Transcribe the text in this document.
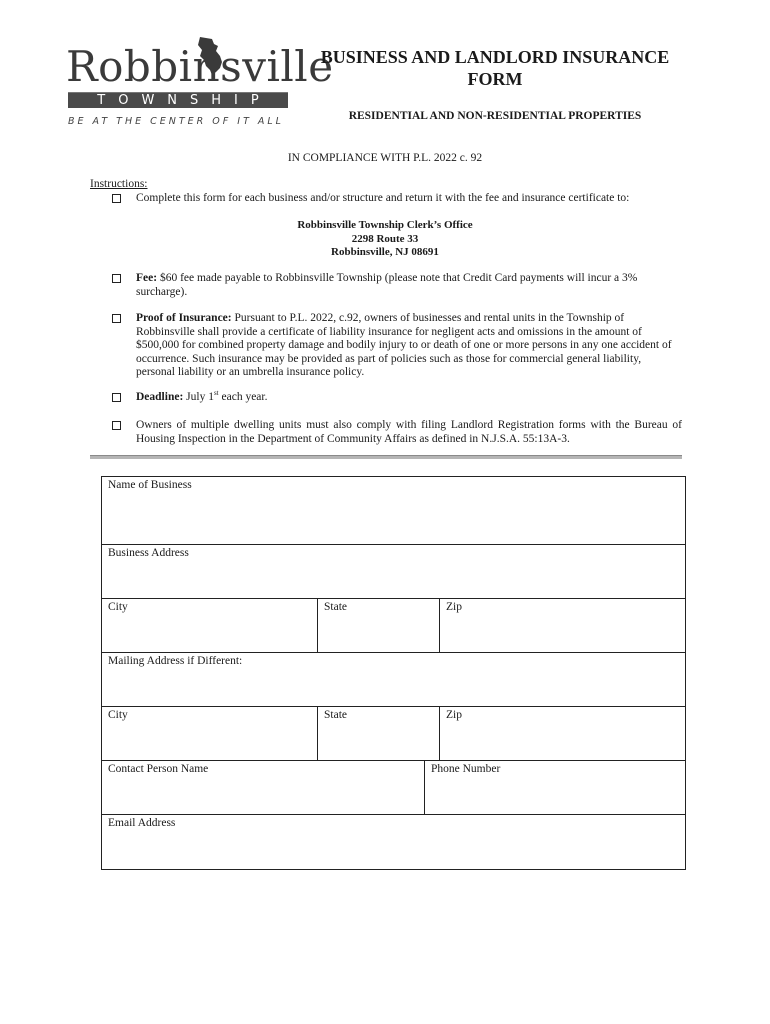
Robbinsville
TOWNSHIP
BE AT THE CENTER OF IT ALL
BUSINESS AND LANDLORD INSURANCE
FORM
RESIDENTIAL AND NON-RESIDENTIAL PROPERTIES
IN COMPLIANCE WITH P.L. 2022 c. 92
Instructions:
Complete this form for each business and/or structure and return it with the fee and insurance certificate to:
Robbinsville Township Clerk’s Office
2298 Route 33
Robbinsville, NJ 08691
Fee: $60 fee made payable to Robbinsville Township (please note that Credit Card payments will incur a 3% surcharge).
Proof of Insurance: Pursuant to P.L. 2022, c.92, owners of businesses and rental units in the Township of Robbinsville shall provide a certificate of liability insurance for negligent acts and omissions in the amount of $500,000 for combined property damage and bodily injury to or death of one or more persons in any one accident of occurrence. Such insurance may be provided as part of policies such as those for commercial general liability, personal liability or an umbrella insurance policy.
Deadline: July 1st each year.
Owners of multiple dwelling units must also comply with filing Landlord Registration forms with the Bureau of Housing Inspection in the Department of Community Affairs as defined in N.J.S.A. 55:13A-3.
Name of Business
Business Address
City	State	Zip
Mailing Address if Different:
City	State	Zip
Contact Person Name	Phone Number
Email Address
